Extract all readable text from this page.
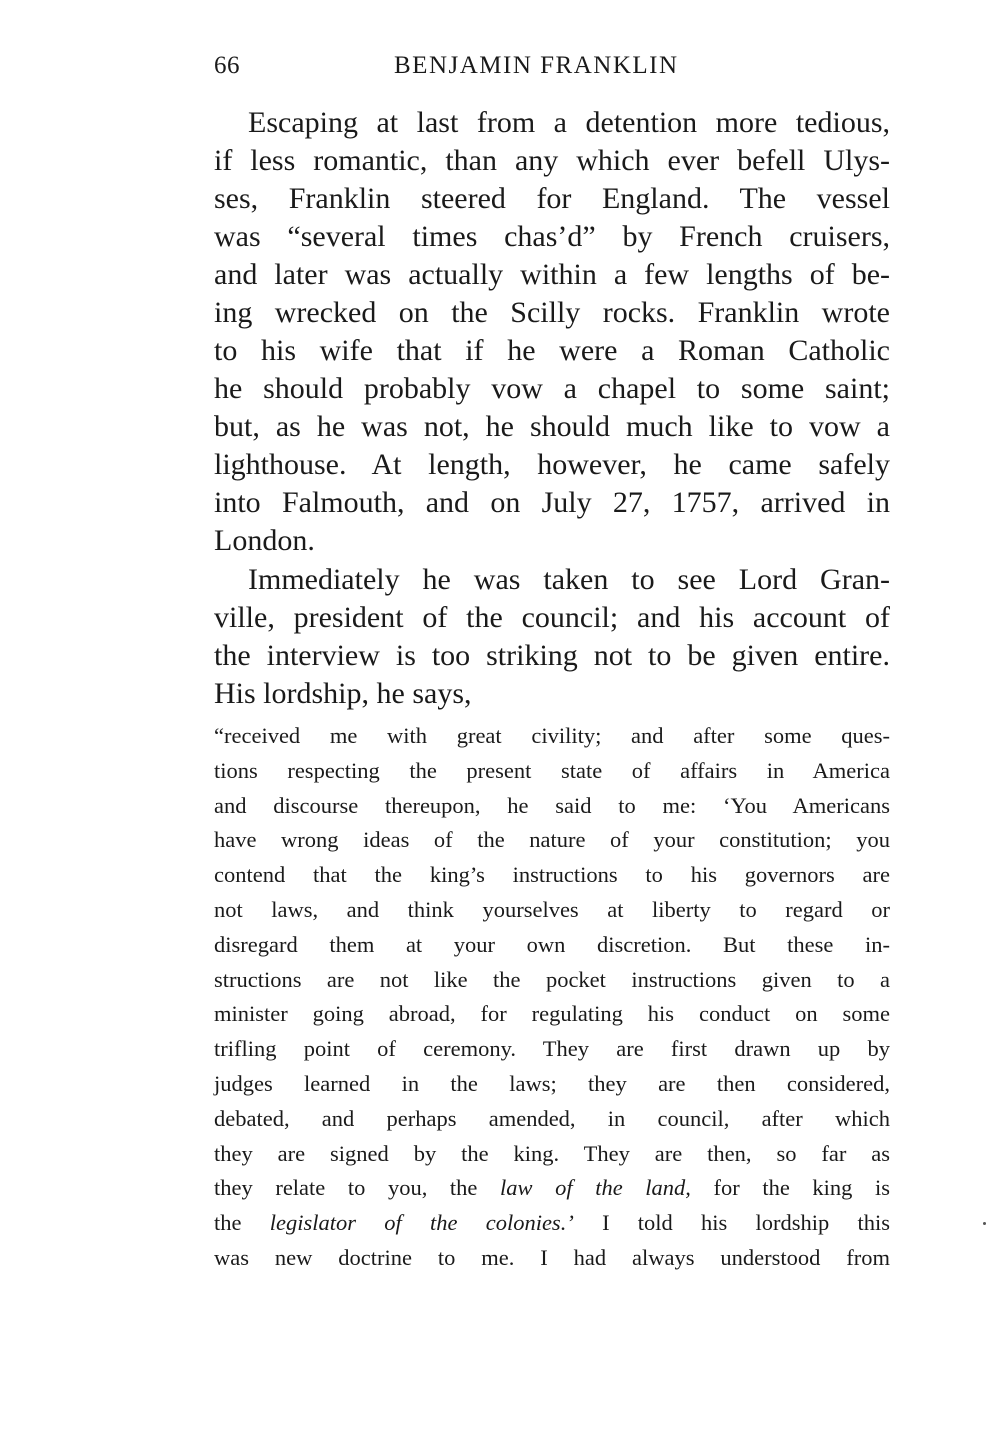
66	BENJAMIN FRANKLIN
Escaping at last from a detention more tedious,
if less romantic, than any which ever befell Ulys-
ses, Franklin steered for England. The vessel
was “several times chas’d” by French cruisers,
and later was actually within a few lengths of be-
ing wrecked on the Scilly rocks. Franklin wrote
to his wife that if he were a Roman Catholic
he should probably vow a chapel to some saint;
but, as he was not, he should much like to vow a
lighthouse. At length, however, he came safely
into Falmouth, and on July 27, 1757, arrived in
London.
Immediately he was taken to see Lord Gran-
ville, president of the council; and his account of
the interview is too striking not to be given entire.
His lordship, he says,
“received me with great civility; and after some ques-
tions respecting the present state of affairs in America
and discourse thereupon, he said to me: ‘You Americans
have wrong ideas of the nature of your constitution; you
contend that the king’s instructions to his governors are
not laws, and think yourselves at liberty to regard or
disregard them at your own discretion. But these in-
structions are not like the pocket instructions given to a
minister going abroad, for regulating his conduct on some
trifling point of ceremony. They are first drawn up by
judges learned in the laws; they are then considered,
debated, and perhaps amended, in council, after which
they are signed by the king. They are then, so far as
they relate to you, the law of the land, for the king is
the legislator of the colonies.’ I told his lordship this
was new doctrine to me. I had always understood from
